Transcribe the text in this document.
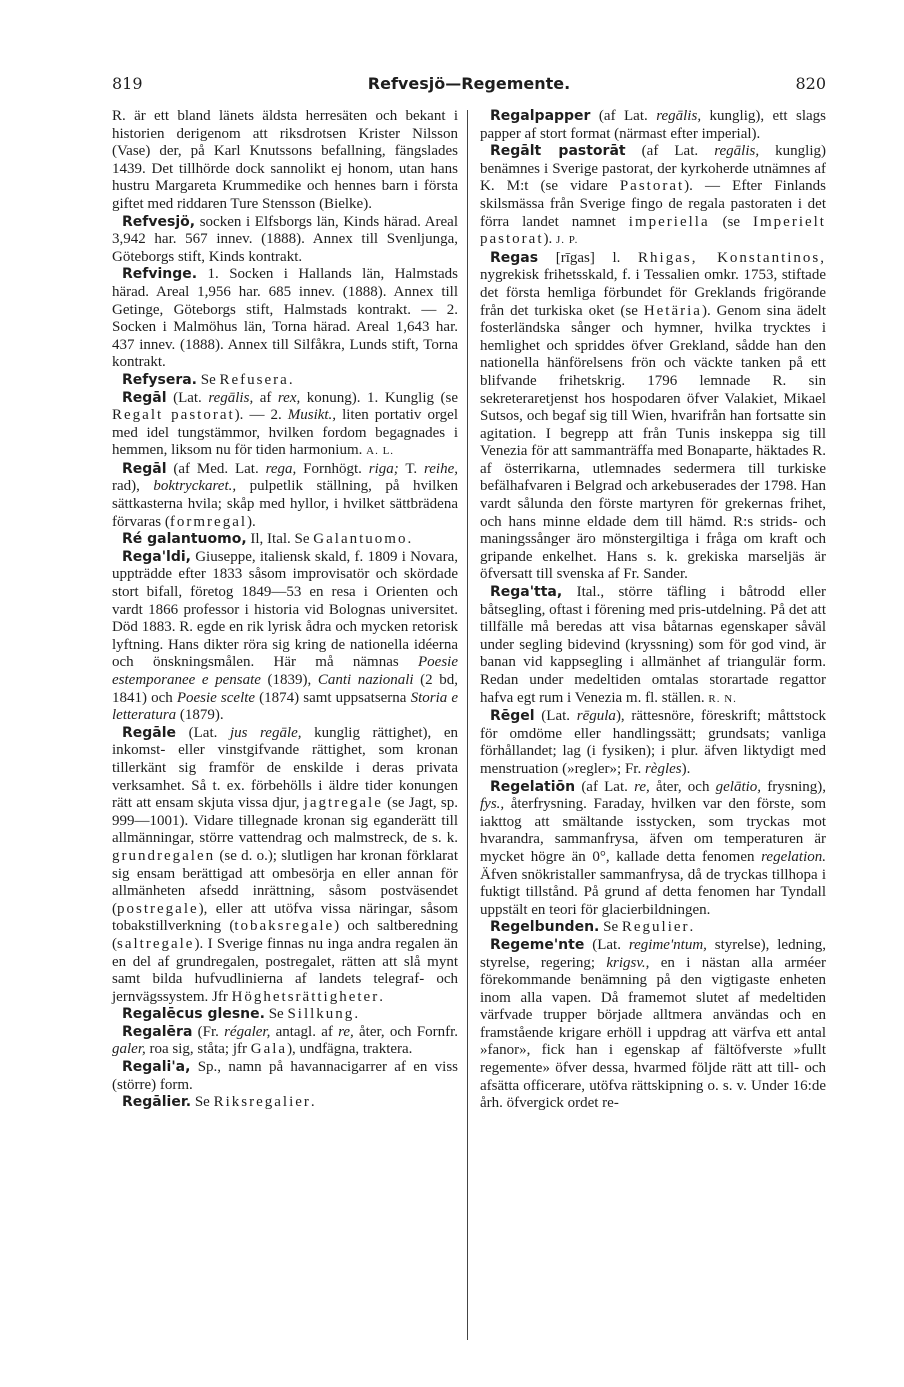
819	Refvesjö—Regemente.	820

R. är ett bland länets äldsta herresäten och bekant i historien derigenom att riksdrotsen Krister Nilsson (Vase) der, på Karl Knutssons befallning, fängslades 1439. Det tillhörde dock sannolikt ej honom, utan hans hustru Margareta Krummedike och hennes barn i första giftet med riddaren Ture Stensson (Bielke).

Refvesjö, socken i Elfsborgs län, Kinds härad. Areal 3,942 har. 567 innev. (1888). Annex till Svenljunga, Göteborgs stift, Kinds kontrakt.

Refvinge. 1. Socken i Hallands län, Halmstads härad. Areal 1,956 har. 685 innev. (1888). Annex till Getinge, Göteborgs stift, Halmstads kontrakt. — 2. Socken i Malmöhus län, Torna härad. Areal 1,643 har. 437 innev. (1888). Annex till Silfåkra, Lunds stift, Torna kontrakt.

Refysera. Se Refusera.

Regāl (Lat. regālis, af rex, konung). 1. Kunglig (se Regalt pastorat). — 2. Musikt., liten portativ orgel med idel tungstämmor, hvilken fordom begagnades i hemmen, liksom nu för tiden harmonium. A. L.

Regāl (af Med. Lat. rega, Fornhögt. riga; T. reihe, rad), boktryckaret., pulpetlik ställning, på hvilken sättkasterna hvila; skåp med hyllor, i hvilket sättbrädena förvaras (formregal).

Ré galantuomo, Il, Ital. Se Galantuomo.

Rega'ldi, Giuseppe, italiensk skald, f. 1809 i Novara, uppträdde efter 1833 såsom improvisatör och skördade stort bifall, företog 1849—53 en resa i Orienten och vardt 1866 professor i historia vid Bolognas universitet. Död 1883. R. egde en rik lyrisk ådra och mycken retorisk lyftning. Hans dikter röra sig kring de nationella idéerna och önskningsmålen. Här må nämnas Poesie estemporanee e pensate (1839), Canti nazionali (2 bd, 1841) och Poesie scelte (1874) samt uppsatserna Storia e letteratura (1879).

Regāle (Lat. jus regāle, kunglig rättighet), en inkomst- eller vinstgifvande rättighet, som kronan tillerkänt sig framför de enskilde i deras privata verksamhet. Så t. ex. förbehölls i äldre tider konungen rätt att ensam skjuta vissa djur, jagtregale (se Jagt, sp. 999—1001). Vidare tillegnade kronan sig eganderätt till allmänningar, större vattendrag och malmstreck, de s. k. grundregalen (se d. o.); slutligen har kronan förklarat sig ensam berättigad att ombesörja en eller annan för allmänheten afsedd inrättning, såsom postväsendet (postregale), eller att utöfva vissa näringar, såsom tobakstillverkning (tobaksregale) och saltberedning (saltregale). I Sverige finnas nu inga andra regalen än en del af grundregalen, postregalet, rätten att slå mynt samt bilda hufvudlinierna af landets telegraf- och jernvägssystem. Jfr Höghetsrättigheter.

Regalēcus glesne. Se Sillkung.

Regalēra (Fr. régaler, antagl. af re, åter, och Fornfr. galer, roa sig, ståta; jfr Gala), undfägna, traktera.

Regali'a, Sp., namn på havannacigarrer af en viss (större) form.

Regālier. Se Riksregalier.

Regalpapper (af Lat. regālis, kunglig), ett slags papper af stort format (närmast efter imperial).

Regālt pastorāt (af Lat. regālis, kunglig) benämnes i Sverige pastorat, der kyrkoherde utnämnes af K. M:t (se vidare Pastorat). — Efter Finlands skilsmässa från Sverige fingo de regala pastoraten i det förra landet namnet imperiella (se Imperielt pastorat). J. P.

Regas [rīgas] l. Rhigas, Konstantinos, nygrekisk frihetsskald, f. i Tessalien omkr. 1753, stiftade det första hemliga förbundet för Greklands frigörande från det turkiska oket (se Hetäria). Genom sina ädelt fosterländska sånger och hymner, hvilka trycktes i hemlighet och spriddes öfver Grekland, sådde han den nationella hänförelsens frön och väckte tanken på ett blifvande frihetskrig. 1796 lemnade R. sin sekreteraretjenst hos hospodaren öfver Valakiet, Mikael Sutsos, och begaf sig till Wien, hvarifrån han fortsatte sin agitation. I begrepp att från Tunis inskeppa sig till Venezia för att sammanträffa med Bonaparte, häktades R. af österrikarna, utlemnades sedermera till turkiske befälhafvaren i Belgrad och arkebuserades der 1798. Han vardt sålunda den förste martyren för grekernas frihet, och hans minne eldade dem till hämd. R:s strids- och maningssånger äro mönstergiltiga i fråga om kraft och gripande enkelhet. Hans s. k. grekiska marseljäs är öfversatt till svenska af Fr. Sander.

Rega'tta, Ital., större täfling i båtrodd eller båtsegling, oftast i förening med pris-utdelning. På det att tillfälle må beredas att visa båtarnas egenskaper såväl under segling bidevind (kryssning) som för god vind, är banan vid kappsegling i allmänhet af triangulär form. Redan under medeltiden omtalas storartade regattor hafva egt rum i Venezia m. fl. ställen. R. N.

Rēgel (Lat. rēgula), rättesnöre, föreskrift; måttstock för omdöme eller handlingssätt; grundsats; vanliga förhållandet; lag (i fysiken); i plur. äfven liktydigt med menstruation (»regler»; Fr. règles).

Regelatiōn (af Lat. re, åter, och gelātio, frysning), fys., återfrysning. Faraday, hvilken var den förste, som iakttog att smältande isstycken, som tryckas mot hvarandra, sammanfrysa, äfven om temperaturen är mycket högre än 0°, kallade detta fenomen regelation. Äfven snökristaller sammanfrysa, då de tryckas tillhopa i fuktigt tillstånd. På grund af detta fenomen har Tyndall uppstält en teori för glacierbildningen.

Regelbunden. Se Regulier.

Regeme'nte (Lat. regime'ntum, styrelse), ledning, styrelse, regering; krigsv., en i nästan alla arméer förekommande benämning på den vigtigaste enheten inom alla vapen. Då framemot slutet af medeltiden värfvade trupper började alltmera användas och en framstående krigare erhöll i uppdrag att värfva ett antal »fanor», fick han i egenskap af fältöfverste »fullt regemente» öfver dessa, hvarmed följde rätt att till- och afsätta officerare, utöfva rättskipning o. s. v. Under 16:de årh. öfvergick ordet re-
